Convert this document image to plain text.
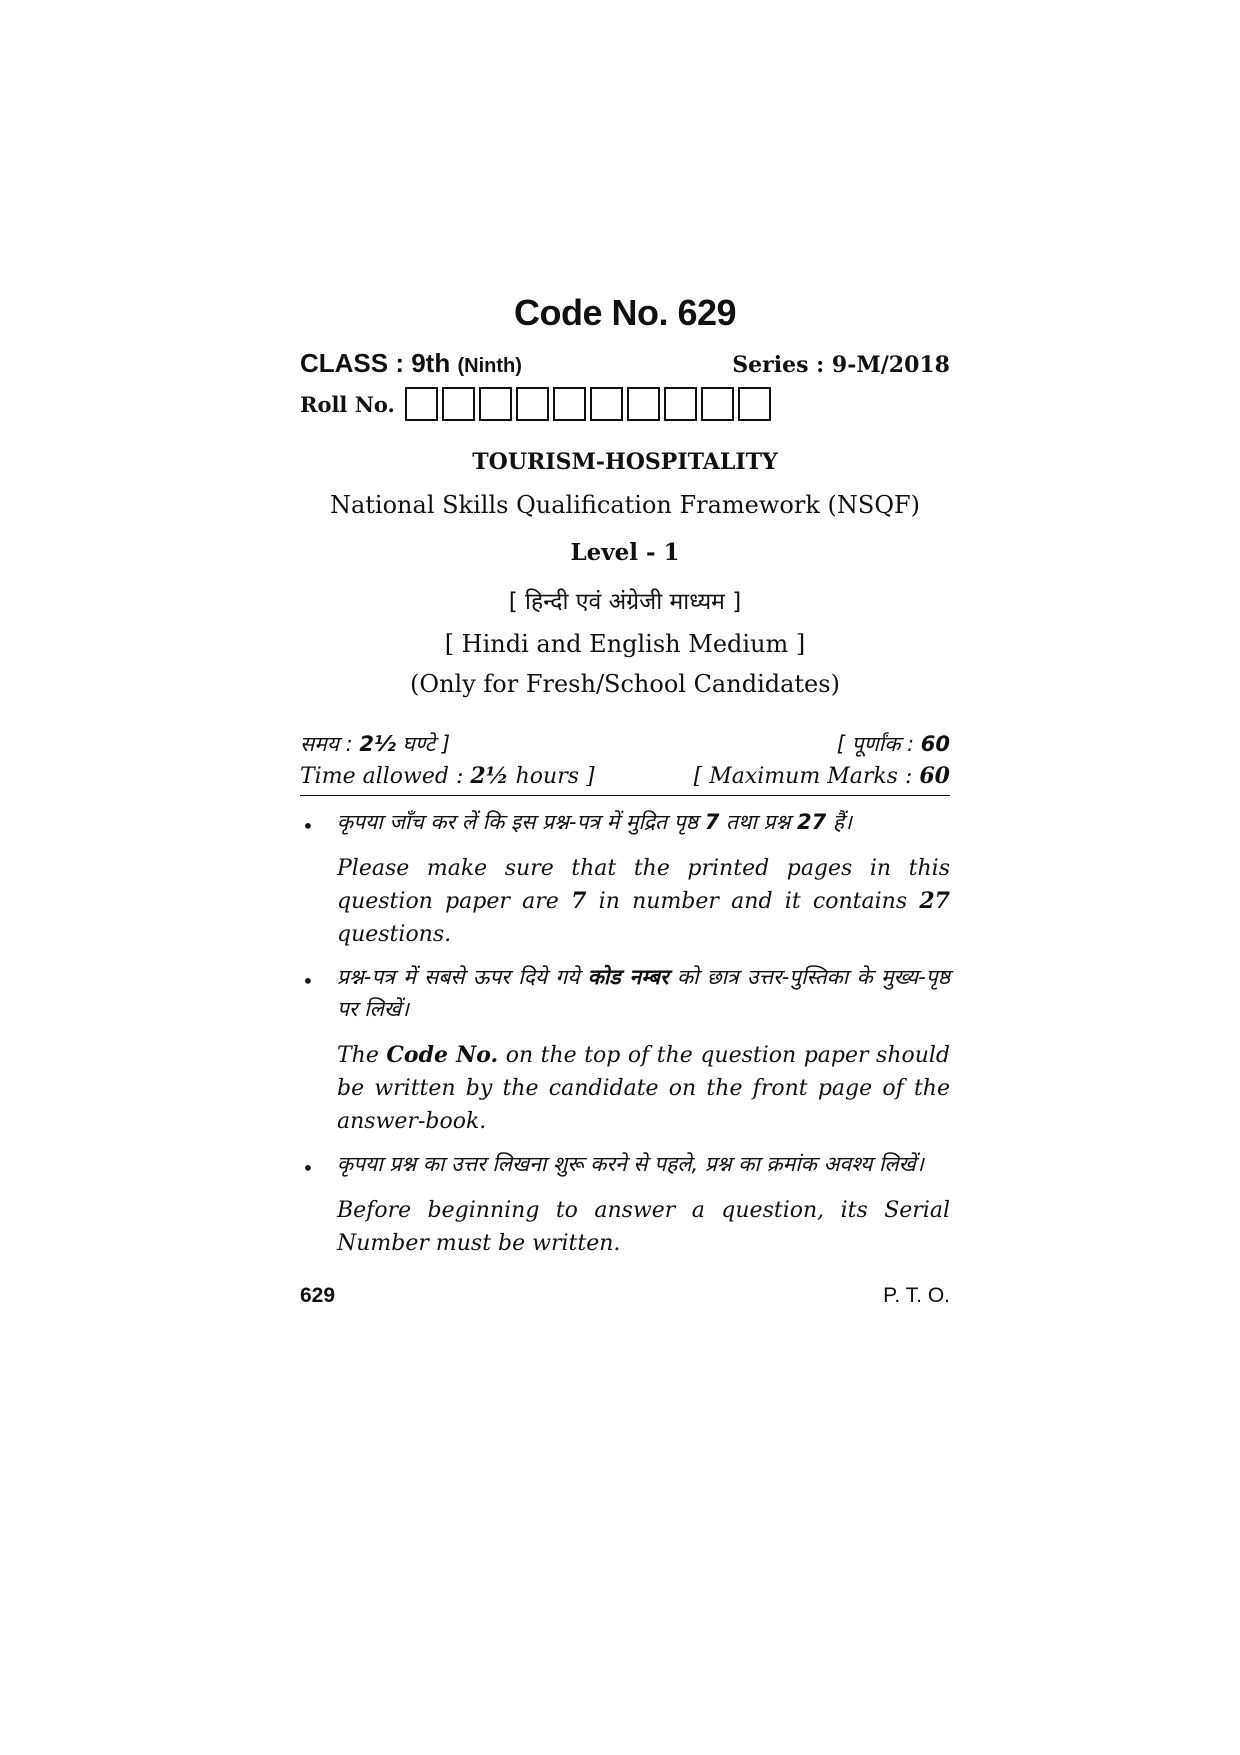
Code No. 629
CLASS : 9th (Ninth)	Series : 9-M/2018
Roll No.
TOURISM-HOSPITALITY
National Skills Qualification Framework (NSQF)
Level - 1
[ हिन्दी एवं अंग्रेजी माध्यम ]
[ Hindi and English Medium ]
(Only for Fresh/School Candidates)
समय : 2½ घण्टे ]	[ पूर्णांक : 60
Time allowed : 2½ hours ]	[ Maximum Marks : 60
• कृपया जाँच कर लें कि इस प्रश्न-पत्र में मुद्रित पृष्ठ 7 तथा प्रश्न 27 हैं।
Please make sure that the printed pages in this question paper are 7 in number and it contains 27 questions.
• प्रश्न-पत्र में सबसे ऊपर दिये गये कोड नम्बर को छात्र उत्तर-पुस्तिका के मुख्य-पृष्ठ पर लिखें।
The Code No. on the top of the question paper should be written by the candidate on the front page of the answer-book.
• कृपया प्रश्न का उत्तर लिखना शुरू करने से पहले, प्रश्न का क्रमांक अवश्य लिखें।
Before beginning to answer a question, its Serial Number must be written.
629	P. T. O.
